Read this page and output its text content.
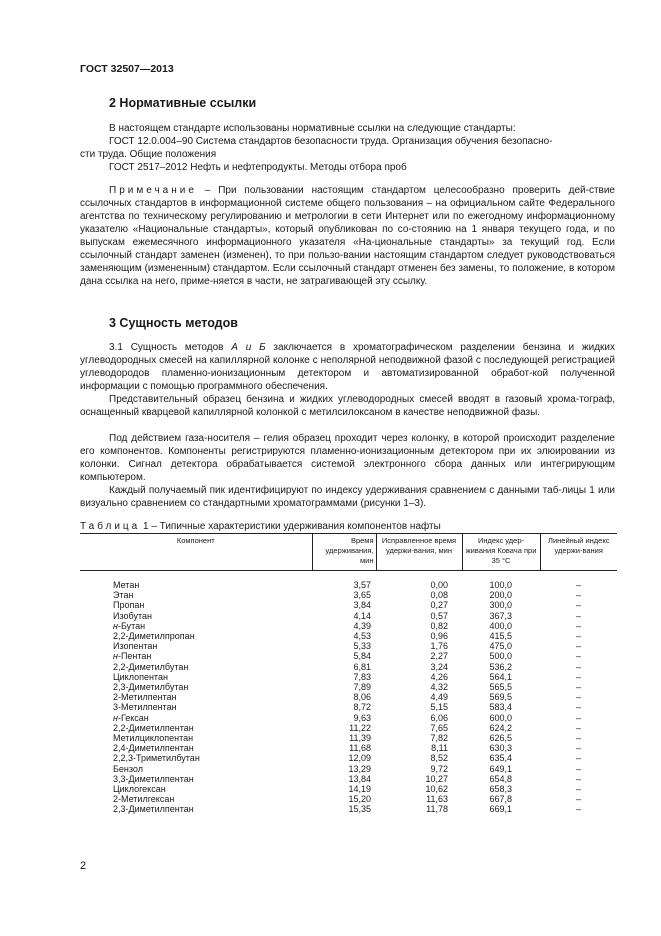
ГОСТ 32507—2013
2 Нормативные ссылки
В настоящем стандарте использованы нормативные ссылки на следующие стандарты:
ГОСТ 12.0.004–90 Система стандартов безопасности труда. Организация обучения безопасно-
сти труда. Общие положения
ГОСТ 2517–2012 Нефть и нефтепродукты. Методы отбора проб
Примечание – При пользовании настоящим стандартом целесообразно проверить дей-ствие ссылочных стандартов в информационной системе общего пользования – на официальном сайте Федерального агентства по техническому регулированию и метрологии в сети Интернет или по ежегодному информационному указателю «Национальные стандарты», который опубликован по со-стоянию на 1 января текущего года, и по выпускам ежемесячного информационного указателя «На-циональные стандарты» за текущий год. Если ссылочный стандарт заменен (изменен), то при пользо-вании настоящим стандартом следует руководствоваться заменяющим (измененным) стандартом. Если ссылочный стандарт отменен без замены, то положение, в котором дана ссылка на него, приме-няется в части, не затрагивающей эту ссылку.
3 Сущность методов
3.1 Сущность методов А и Б заключается в хроматографическом разделении бензина и жидких углеводородных смесей на капиллярной колонке с неполярной неподвижной фазой с последующей регистрацией углеводородов пламенно-ионизационным детектором и автоматизированной обработ-кой полученной информации с помощью программного обеспечения.
Представительный образец бензина и жидких углеводородных смесей вводят в газовый хрома-тограф, оснащенный кварцевой капиллярной колонкой с метилсилоксаном в качестве неподвижной фазы.
Под действием газа-носителя – гелия образец проходит через колонку, в которой происходит разделение его компонентов. Компоненты регистрируются пламенно-ионизационным детектором при их элюировании из колонки. Сигнал детектора обрабатывается системой электронного сбора данных или интегрирующим компьютером.
Каждый получаемый пик идентифицируют по индексу удерживания сравнением с данными таб-лицы 1 или визуально сравнением со стандартными хроматограммами (рисунки 1–3).
Таблица 1 – Типичные характеристики удерживания компонентов нафты
Компонент	Время удерживания, мин	Исправленное время удержи-вания, мин	Индекс удер-живания Ковача при 35 °С	Линейный индекс удержи-вания
Метан	3,57	0,00	100,0	–
Этан	3,65	0,08	200,0	–
Пропан	3,84	0,27	300,0	–
Изобутан	4,14	0,57	367,3	–
н-Бутан	4,39	0,82	400,0	–
2,2-Диметилпропан	4,53	0,96	415,5	–
Изопентан	5,33	1,76	475,0	–
н-Пентан	5,84	2,27	500,0	–
2,2-Диметилбутан	6,81	3,24	536,2	–
Циклопентан	7,83	4,26	564,1	–
2,3-Диметилбутан	7,89	4,32	565,5	–
2-Метилпентан	8,06	4,49	569,5	–
3-Метилпентан	8,72	5,15	583,4	–
н-Гексан	9,63	6,06	600,0	–
2,2-Диметилпентан	11,22	7,65	624,2	–
Метилциклопентан	11,39	7,82	626,5	–
2,4-Диметилпентан	11,68	8,11	630,3	–
2,2,3-Триметилбутан	12,09	8,52	635,4	–
Бензол	13,29	9,72	649,1	–
3,3-Диметилпентан	13,84	10,27	654,8	–
Циклогексан	14,19	10,62	658,3	–
2-Метилгексан	15,20	11,63	667,8	–
2,3-Диметилпентан	15,35	11,78	669,1	–
2
